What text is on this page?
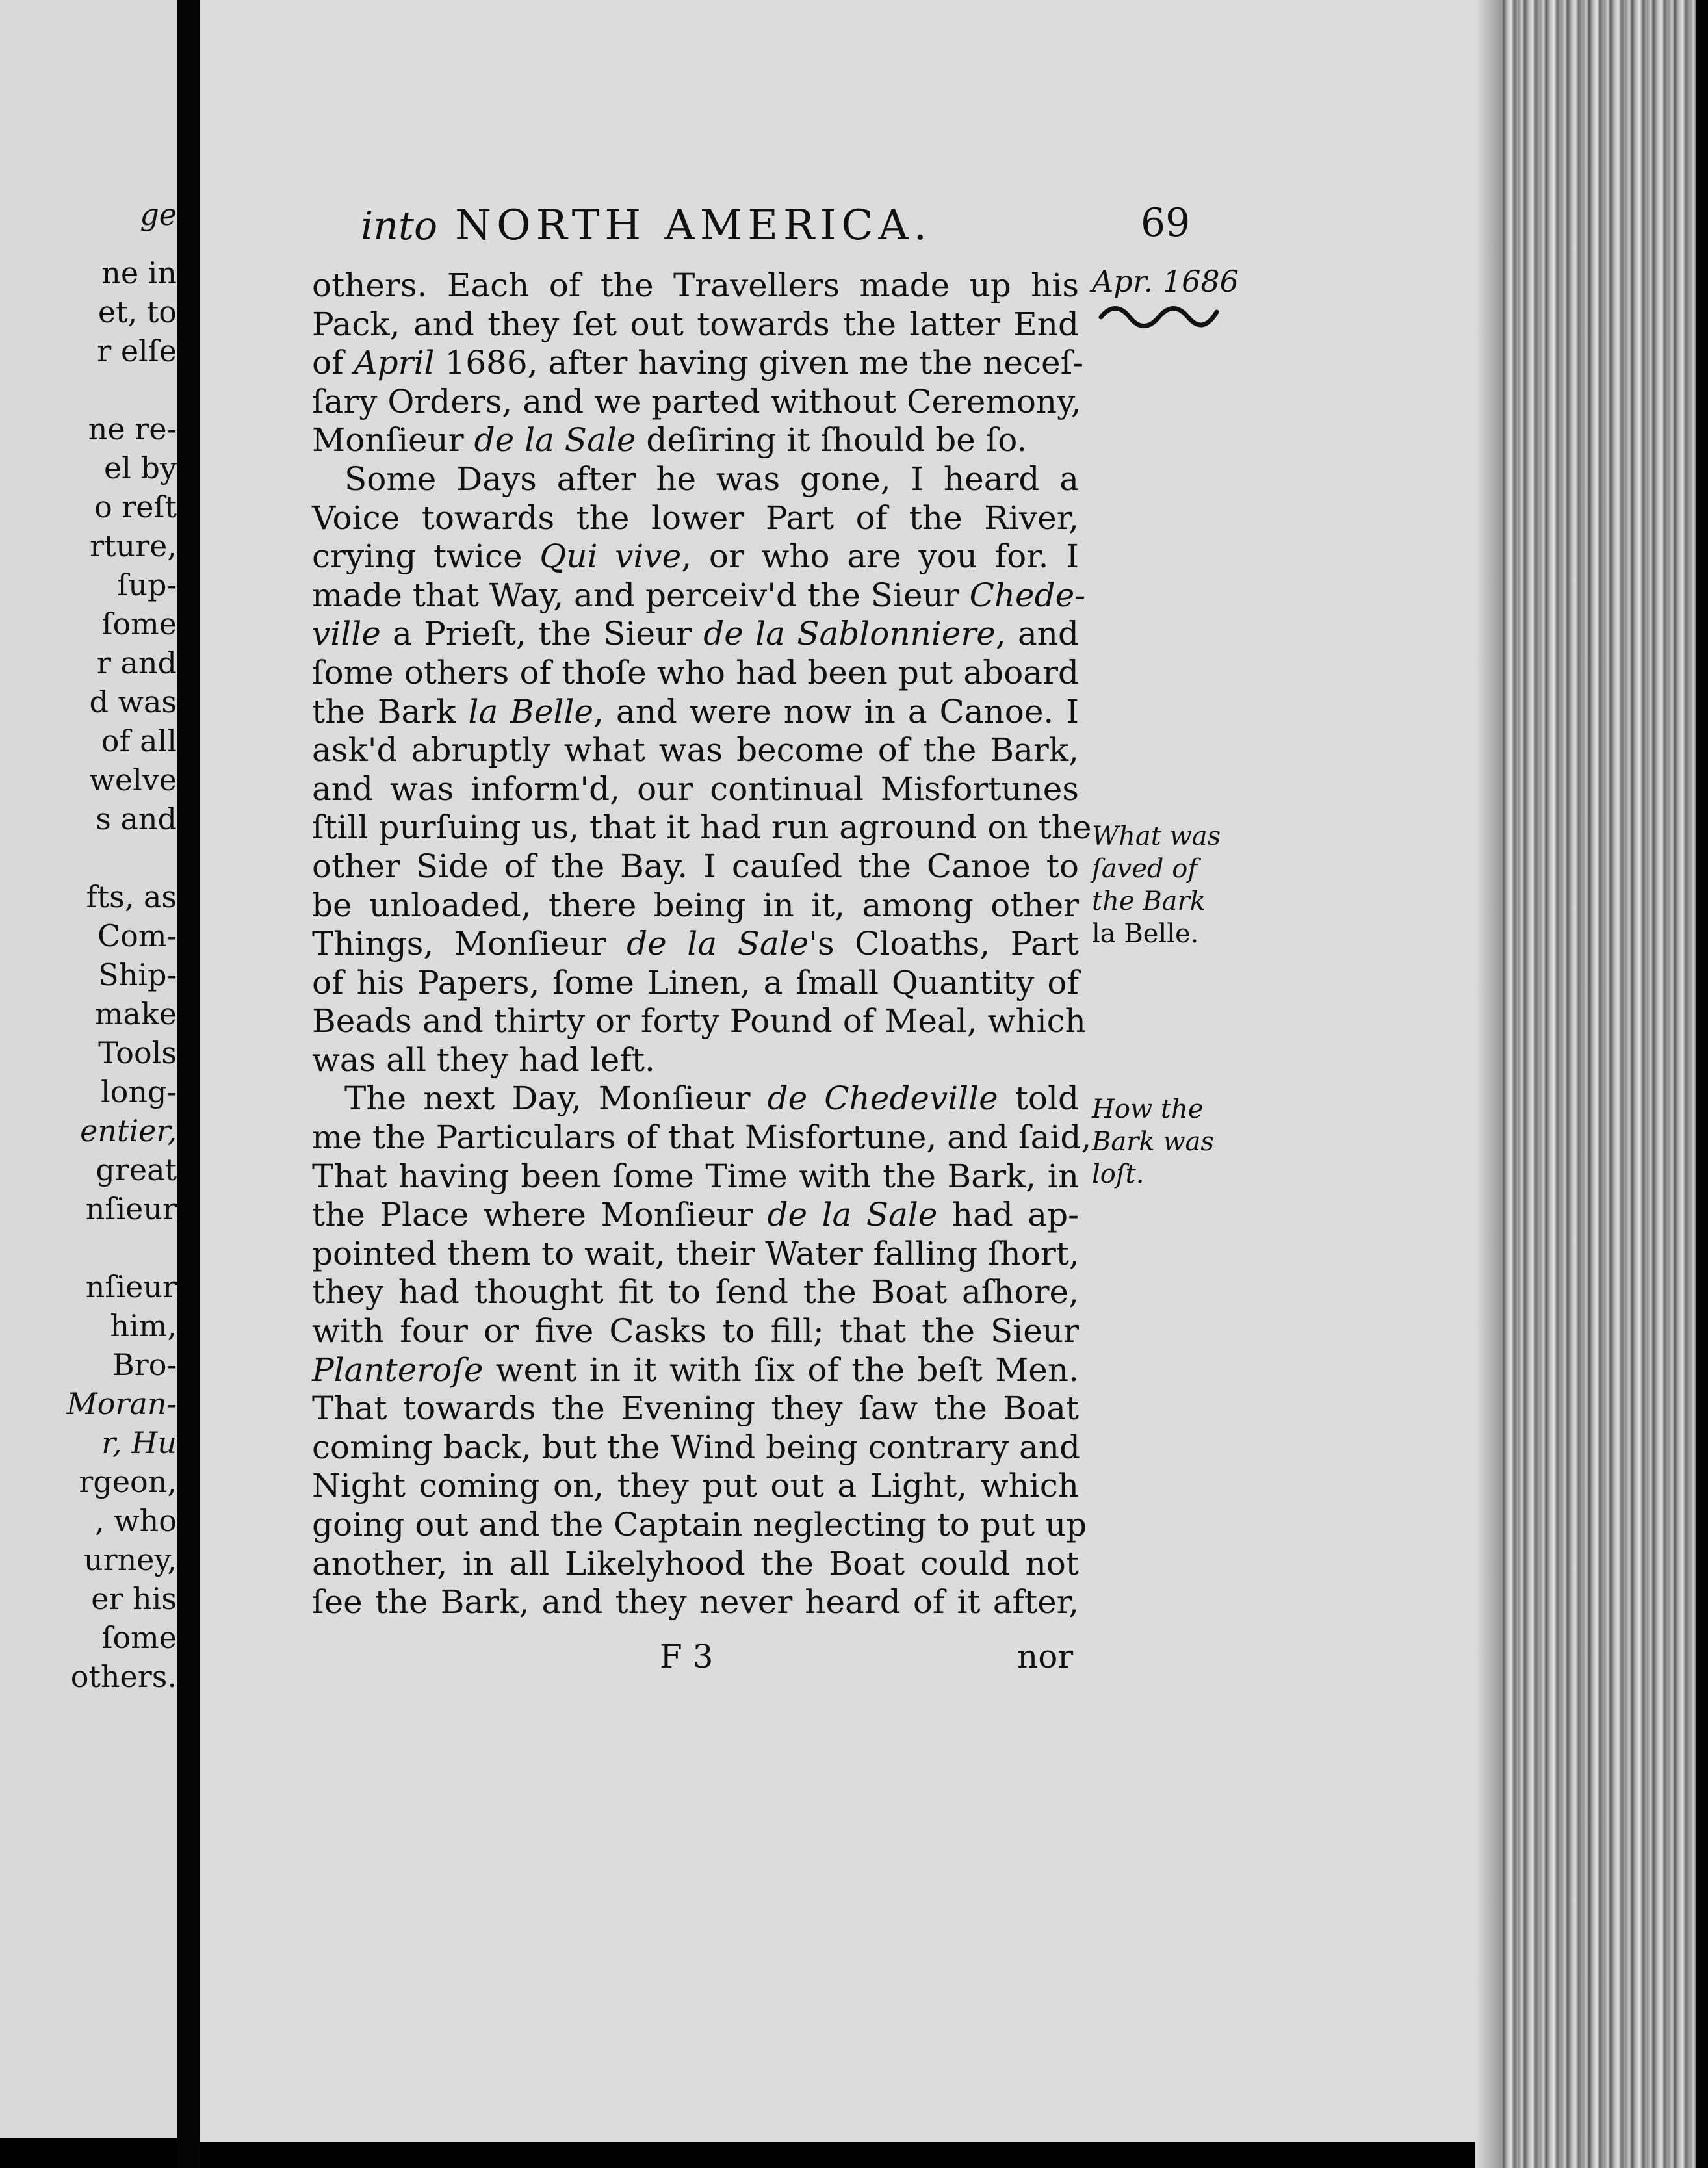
ge
ne in
et, to
r elſe
ne re-
el by
o reſt
rture,
ſup-
ſome
r and
d was
of all
welve
s and
fts, as
Com-
Ship-
make
Tools
long-
entier,
great
nſieur
nſieur
him,
Bro-
Moran-
r, Hu
rgeon,
, who
urney,
er his
ſome
others.
into NORTH AMERICA.	69
Apr. 1686
What was
ſaved of
the Bark
la Belle.
How the
Bark was
loſt.
others. Each of the Travellers made up his
Pack, and they ſet out towards the latter End
of April 1686, after having given me the neceſ-
ſary Orders, and we parted without Ceremony,
Monſieur de la Sale deſiring it ſhould be ſo.
Some Days after he was gone, I heard a
Voice towards the lower Part of the River,
crying twice Qui vive, or who are you for. I
made that Way, and perceiv'd the Sieur Chede-
ville a Prieſt, the Sieur de la Sablonniere, and
ſome others of thoſe who had been put aboard
the Bark la Belle, and were now in a Canoe. I
ask'd abruptly what was become of the Bark,
and was inform'd, our continual Misfortunes
ſtill purſuing us, that it had run aground on the
other Side of the Bay. I cauſed the Canoe to
be unloaded, there being in it, among other
Things, Monſieur de la Sale's Cloaths, Part
of his Papers, ſome Linen, a ſmall Quantity of
Beads and thirty or forty Pound of Meal, which
was all they had left.
The next Day, Monſieur de Chedeville told
me the Particulars of that Misfortune, and ſaid,
That having been ſome Time with the Bark, in
the Place where Monſieur de la Sale had ap-
pointed them to wait, their Water falling ſhort,
they had thought fit to ſend the Boat aſhore,
with four or five Casks to fill; that the Sieur
Planteroſe went in it with ſix of the beſt Men.
That towards the Evening they ſaw the Boat
coming back, but the Wind being contrary and
Night coming on, they put out a Light, which
going out and the Captain neglecting to put up
another, in all Likelyhood the Boat could not
ſee the Bark, and they never heard of it after,
F 3	nor
